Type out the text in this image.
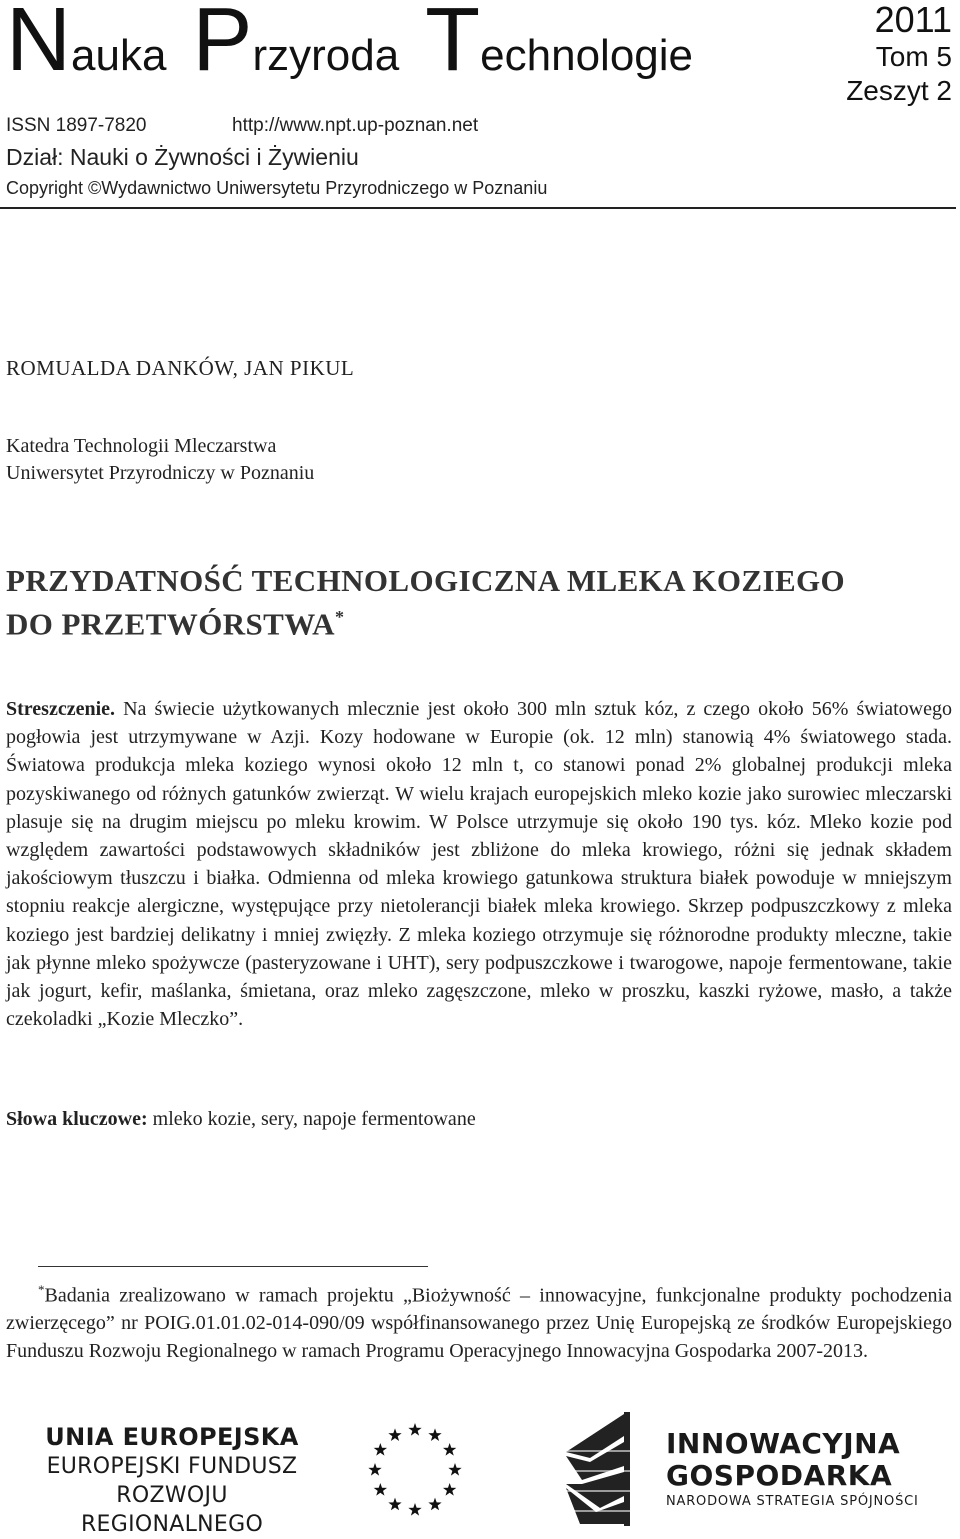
Nauka Przyroda Technologie
2011
Tom 5
Zeszyt 2
ISSN 1897-7820	http://www.npt.up-poznan.net
Dział: Nauki o Żywności i Żywieniu
Copyright ©Wydawnictwo Uniwersytetu Przyrodniczego w Poznaniu
ROMUALDA DANKÓW, JAN PIKUL
Katedra Technologii Mleczarstwa
Uniwersytet Przyrodniczy w Poznaniu
PRZYDATNOŚĆ TECHNOLOGICZNA MLEKA KOZIEGO
DO PRZETWÓRSTWA*
Streszczenie. Na świecie użytkowanych mlecznie jest około 300 mln sztuk kóz, z czego około 56% światowego pogłowia jest utrzymywane w Azji. Kozy hodowane w Europie (ok. 12 mln) stanowią 4% światowego stada. Światowa produkcja mleka koziego wynosi około 12 mln t, co stanowi ponad 2% globalnej produkcji mleka pozyskiwanego od różnych gatunków zwierząt. W wielu krajach europejskich mleko kozie jako surowiec mleczarski plasuje się na drugim miejscu po mleku krowim. W Polsce utrzymuje się około 190 tys. kóz. Mleko kozie pod względem zawartości podstawowych składników jest zbliżone do mleka krowiego, różni się jednak składem jakościowym tłuszczu i białka. Odmienna od mleka krowiego gatunkowa struktura białek powoduje w mniejszym stopniu reakcje alergiczne, występujące przy nietolerancji białek mleka krowiego. Skrzep podpuszczkowy z mleka koziego jest bardziej delikatny i mniej zwięzły. Z mleka koziego otrzymuje się różnorodne produkty mleczne, takie jak płynne mleko spożywcze (pasteryzowane i UHT), sery podpuszczkowe i twarogowe, napoje fermentowane, takie jak jogurt, kefir, maślanka, śmietana, oraz mleko zagęszczone, mleko w proszku, kaszki ryżowe, masło, a także czekoladki „Kozie Mleczko”.
Słowa kluczowe: mleko kozie, sery, napoje fermentowane
*Badania zrealizowano w ramach projektu „Biożywność – innowacyjne, funkcjonalne produkty pochodzenia zwierzęcego” nr POIG.01.01.02-014-090/09 współfinansowanego przez Unię Europejską ze środków Europejskiego Funduszu Rozwoju Regionalnego w ramach Programu Operacyjnego Innowacyjna Gospodarka 2007-2013.
UNIA EUROPEJSKA
EUROPEJSKI FUNDUSZ
ROZWOJU REGIONALNEGO
INNOWACYJNA
GOSPODARKA
NARODOWA STRATEGIA SPÓJNOŚCI
